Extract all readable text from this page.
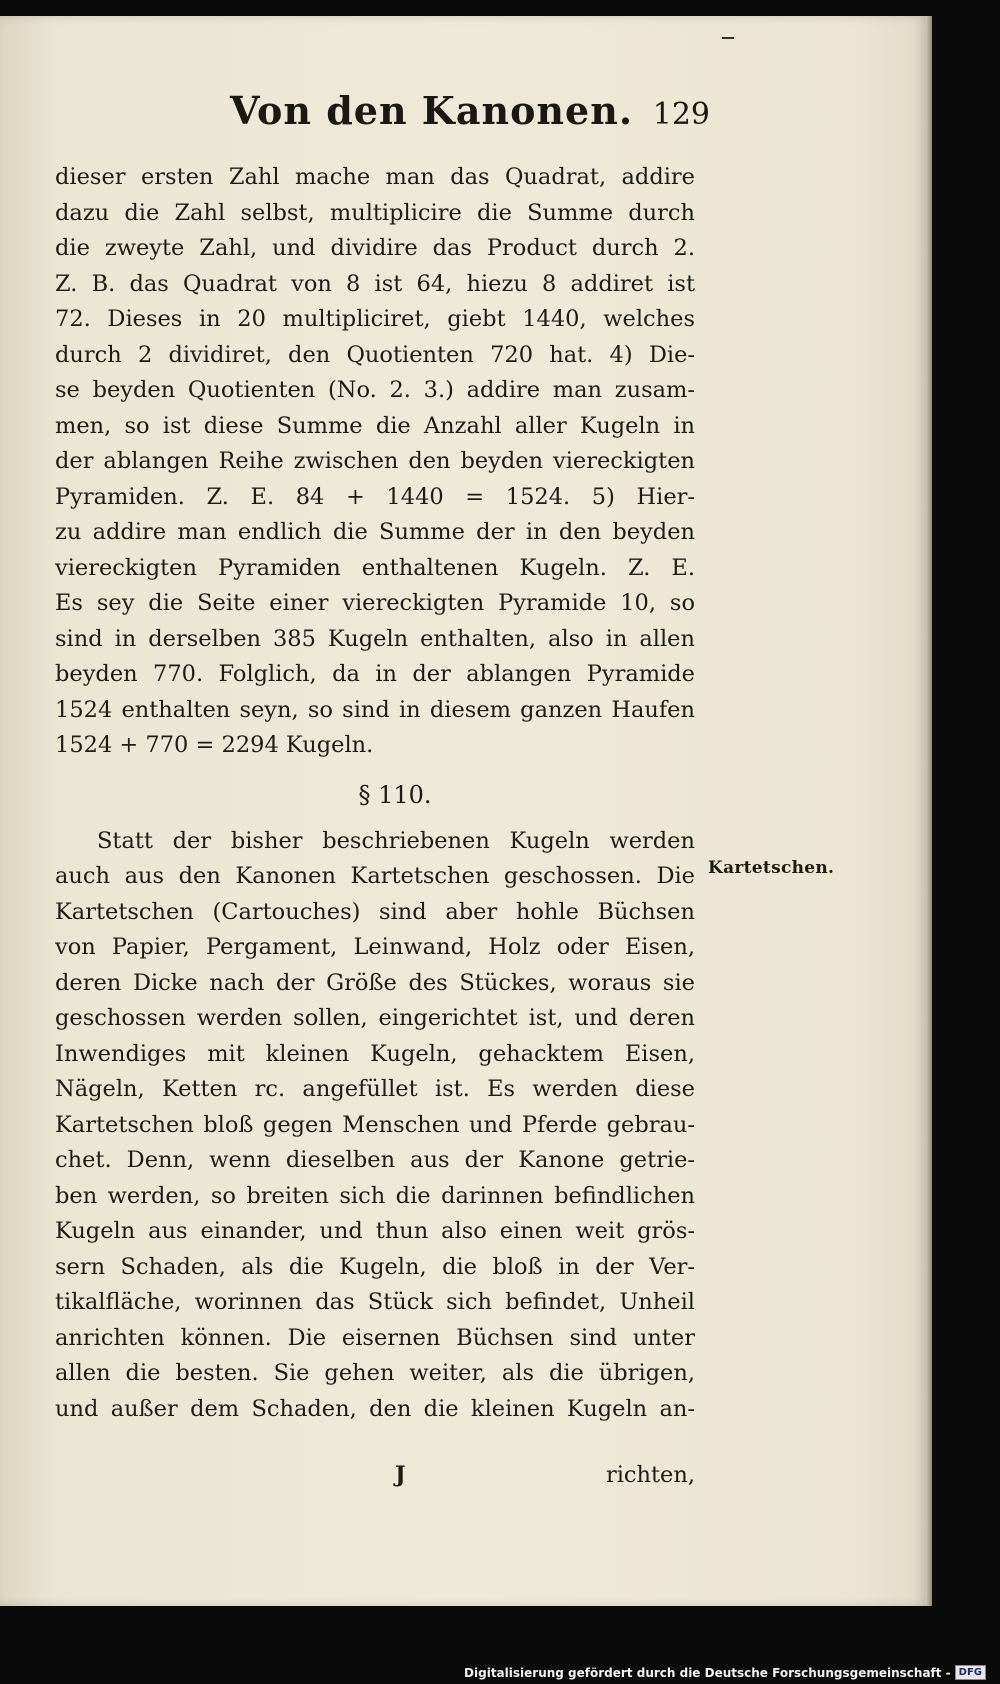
Von den Kanonen. 129
dieser ersten Zahl mache man das Quadrat, addire
dazu die Zahl selbst, multiplicire die Summe durch
die zweyte Zahl, und dividire das Product durch 2.
Z. B. das Quadrat von 8 ist 64, hiezu 8 addiret ist
72. Dieses in 20 multipliciret, giebt 1440, welches
durch 2 dividiret, den Quotienten 720 hat. 4) Die-
se beyden Quotienten (No. 2. 3.) addire man zusam-
men, so ist diese Summe die Anzahl aller Kugeln in
der ablangen Reihe zwischen den beyden viereckigten
Pyramiden. Z. E. 84 + 1440 = 1524. 5) Hier-
zu addire man endlich die Summe der in den beyden
viereckigten Pyramiden enthaltenen Kugeln. Z. E.
Es sey die Seite einer viereckigten Pyramide 10, so
sind in derselben 385 Kugeln enthalten, also in allen
beyden 770. Folglich, da in der ablangen Pyramide
1524 enthalten seyn, so sind in diesem ganzen Haufen
1524 + 770 = 2294 Kugeln.
§ 110.
Statt der bisher beschriebenen Kugeln werden
auch aus den Kanonen Kartetschen geschossen. Die
Kartetschen (Cartouches) sind aber hohle Büchsen
von Papier, Pergament, Leinwand, Holz oder Eisen,
deren Dicke nach der Größe des Stückes, woraus sie
geschossen werden sollen, eingerichtet ist, und deren
Inwendiges mit kleinen Kugeln, gehacktem Eisen,
Nägeln, Ketten rc. angefüllet ist. Es werden diese
Kartetschen bloß gegen Menschen und Pferde gebrau-
chet. Denn, wenn dieselben aus der Kanone getrie-
ben werden, so breiten sich die darinnen befindlichen
Kugeln aus einander, und thun also einen weit grös-
sern Schaden, als die Kugeln, die bloß in der Ver-
tikalfläche, worinnen das Stück sich befindet, Unheil
anrichten können. Die eisernen Büchsen sind unter
allen die besten. Sie gehen weiter, als die übrigen,
und außer dem Schaden, den die kleinen Kugeln an-
Kartetschen.
J	richten,
Digitalisierung gefördert durch die Deutsche Forschungsgemeinschaft - DFG
